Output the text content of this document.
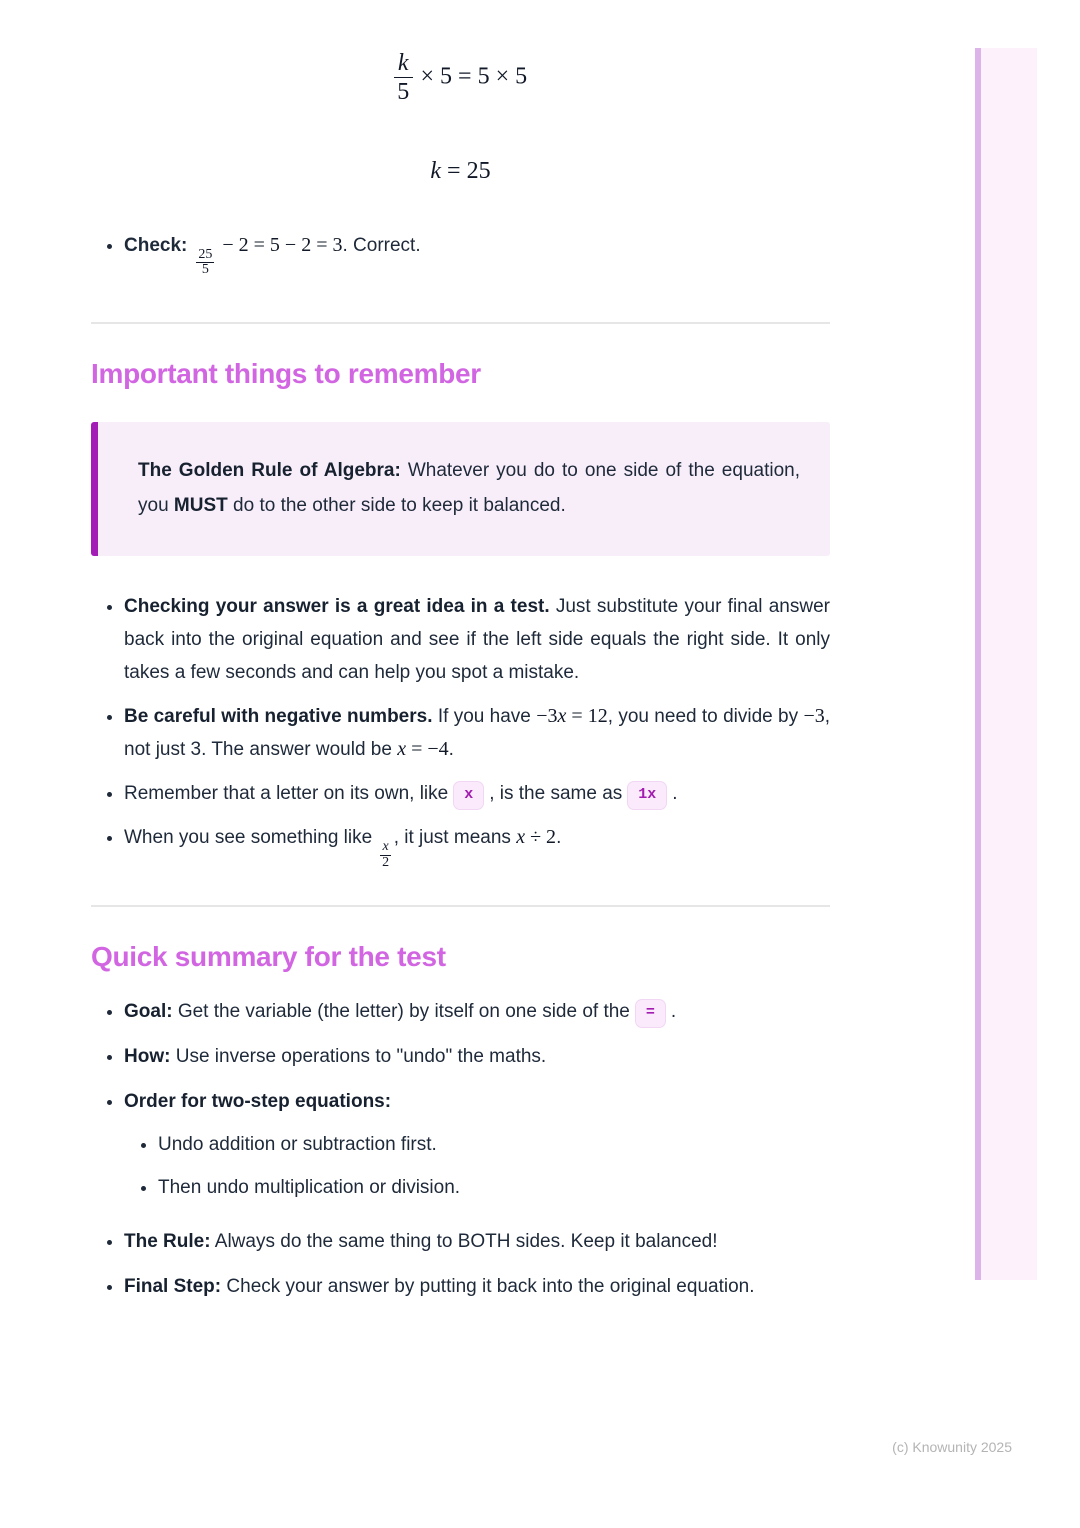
$\frac{k}{5} \times 5 = 5 \times 5$
k = 25
• Check:
$\frac{25}{5}$
− 2 = 5 − 2 = 3. Correct.
Important things to remember
The Golden Rule of Algebra: Whatever you do to one side of the equation, you MUST do to the other side to keep it balanced.
• Checking your answer is a great idea in a test. Just substitute your final answer back into the original equation and see if the left side equals the right side. It only takes a few seconds and can help you spot a mistake.
• Be careful with negative numbers. If you have −3x = 12, you need to divide by −3, not just 3. The answer would be x = −4.
• Remember that a letter on its own, like x , is the same as 1x .
• When you see something like
$\frac{x}{2}$
, it just means x ÷ 2.
Quick summary for the test
• Goal: Get the variable (the letter) by itself on one side of the = .
• How: Use inverse operations to "undo" the maths.
• Order for two-step equations:
• Undo addition or subtraction first.
• Then undo multiplication or division.
• The Rule: Always do the same thing to BOTH sides. Keep it balanced!
• Final Step: Check your answer by putting it back into the original equation.
(c) Knowunity 2025
